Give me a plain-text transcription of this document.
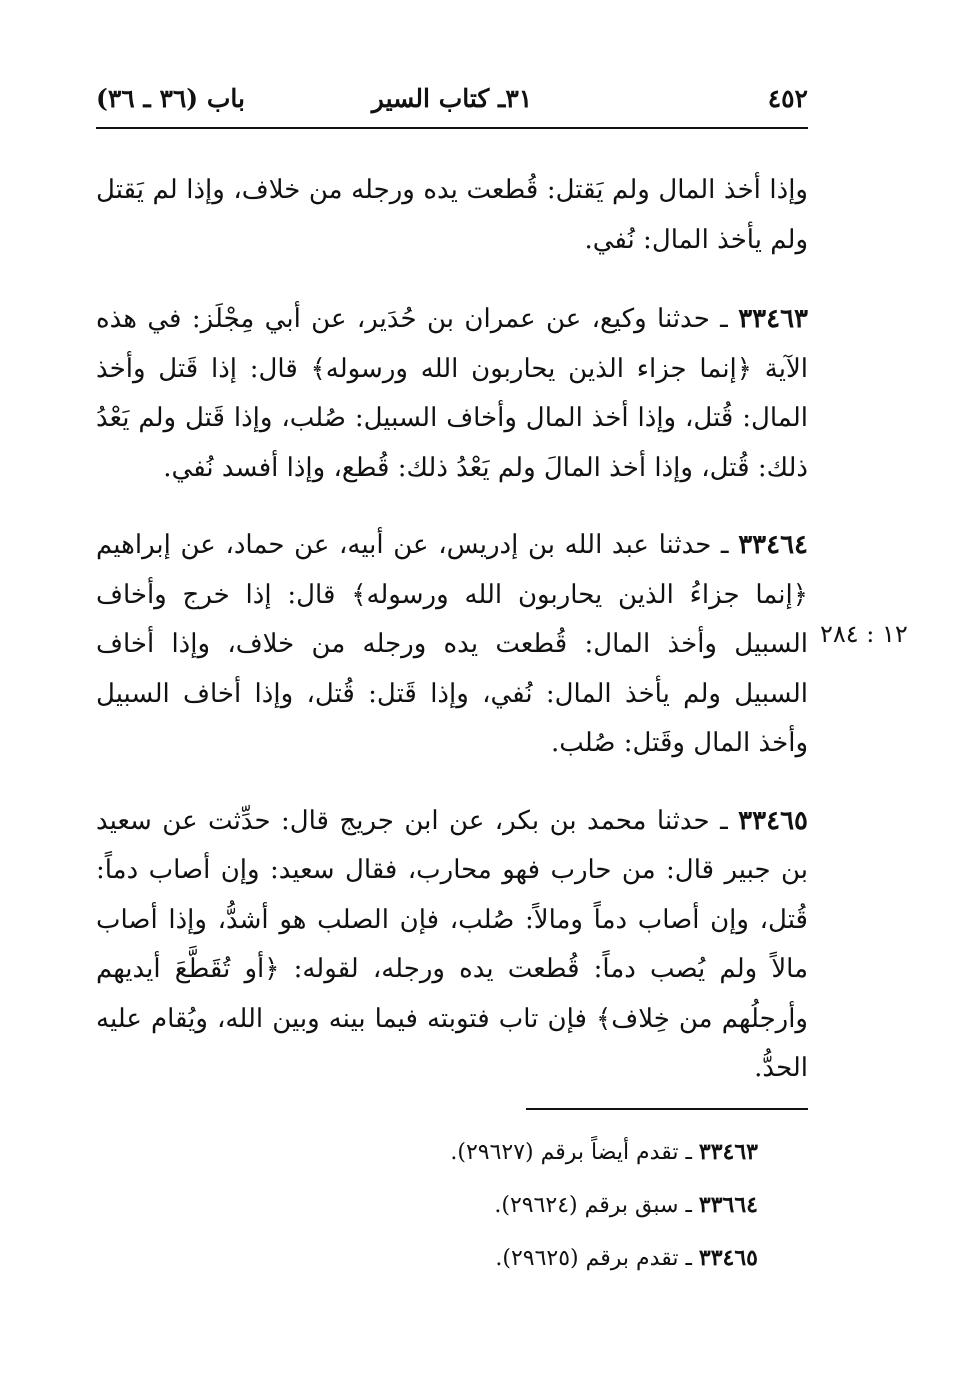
٤٥٢
٣١ـ كتاب السير
باب (٣٦ ـ ٣٦)
١٢ : ٢٨٤

وإذا أخذ المال ولم يَقتل: قُطعت يده ورجله من خلاف، وإذا لم يَقتل ولم يأخذ المال: نُفي.

٣٣٤٦٣ ـ حدثنا وكيع، عن عمران بن حُدَير، عن أبي مِجْلَز: في هذه الآية ﴿إنما جزاء الذين يحاربون الله ورسوله﴾ قال: إذا قَتل وأخذ المال: قُتل، وإذا أخذ المال وأخاف السبيل: صُلب، وإذا قَتل ولم يَعْدُ ذلك: قُتل، وإذا أخذ المالَ ولم يَعْدُ ذلك: قُطع، وإذا أفسد نُفي.

٣٣٤٦٤ ـ حدثنا عبد الله بن إدريس، عن أبيه، عن حماد، عن إبراهيم ﴿إنما جزاءُ الذين يحاربون الله ورسوله﴾ قال: إذا خرج وأخاف السبيل وأخذ المال: قُطعت يده ورجله من خلاف، وإذا أخاف السبيل ولم يأخذ المال: نُفي، وإذا قَتل: قُتل، وإذا أخاف السبيل وأخذ المال وقَتل: صُلب.

٣٣٤٦٥ ـ حدثنا محمد بن بكر، عن ابن جريج قال: حدِّثت عن سعيد بن جبير قال: من حارب فهو محارب، فقال سعيد: وإن أصاب دماً: قُتل، وإن أصاب دماً ومالاً: صُلب، فإن الصلب هو أشدُّ، وإذا أصاب مالاً ولم يُصب دماً: قُطعت يده ورجله، لقوله: ﴿أو تُقَطَّعَ أيديهم وأرجلُهم من خِلاف﴾ فإن تاب فتوبته فيما بينه وبين الله، ويُقام عليه الحدُّ.

٣٣٤٦٣ ـ تقدم أيضاً برقم (٢٩٦٢٧).

٣٣٦٦٤ ـ سبق برقم (٢٩٦٢٤).

٣٣٤٦٥ ـ تقدم برقم (٢٩٦٢٥).
